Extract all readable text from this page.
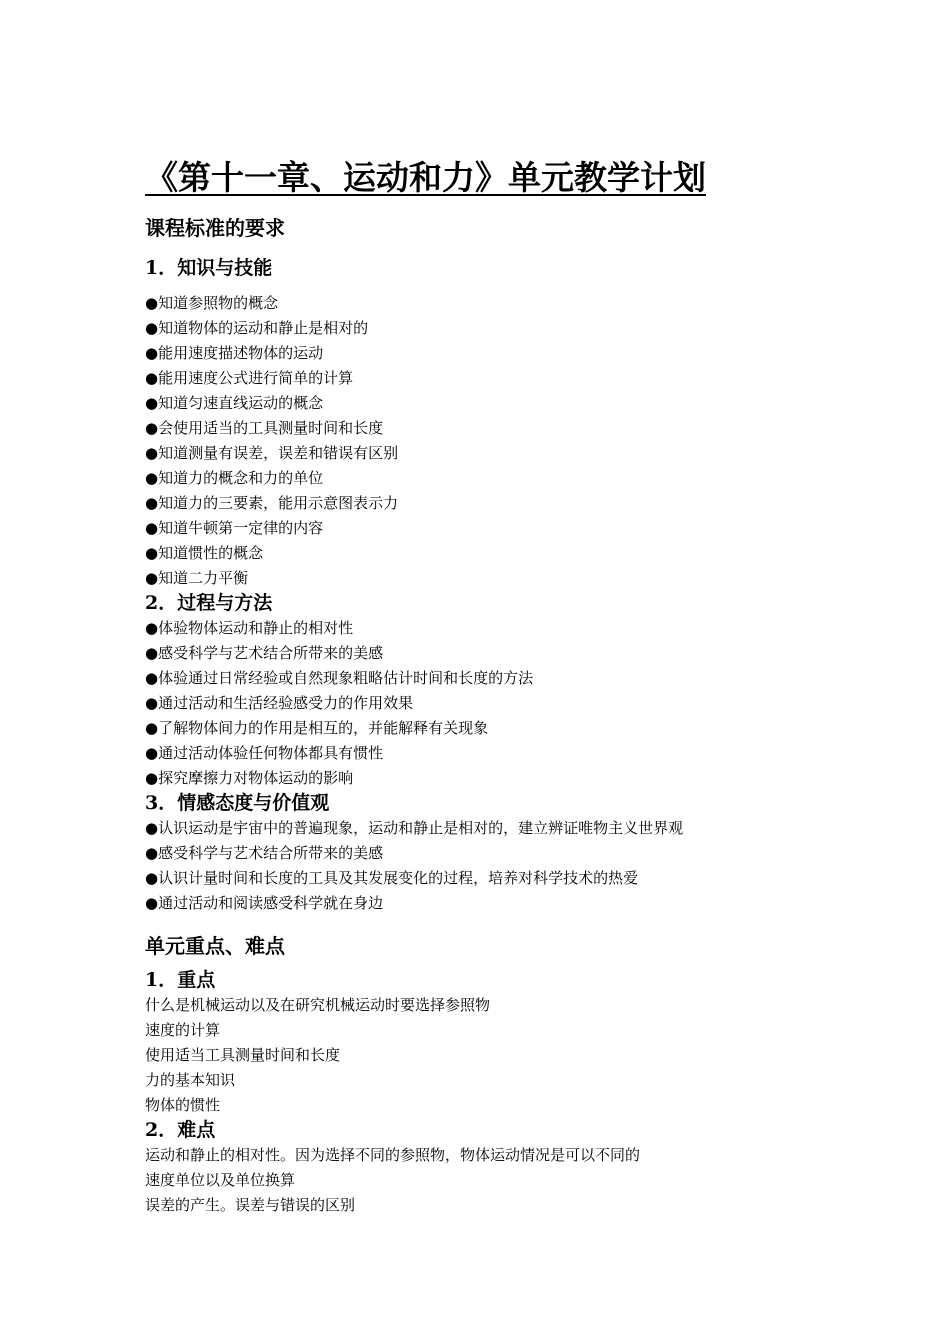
《第十一章、运动和力》单元教学计划
课程标准的要求
1．知识与技能
●知道参照物的概念
●知道物体的运动和静止是相对的
●能用速度描述物体的运动
●能用速度公式进行简单的计算
●知道匀速直线运动的概念
●会使用适当的工具测量时间和长度
●知道测量有误差，误差和错误有区别
●知道力的概念和力的单位
●知道力的三要素，能用示意图表示力
●知道牛顿第一定律的内容
●知道惯性的概念
●知道二力平衡
2．过程与方法
●体验物体运动和静止的相对性
●感受科学与艺术结合所带来的美感
●体验通过日常经验或自然现象粗略估计时间和长度的方法
●通过活动和生活经验感受力的作用效果
●了解物体间力的作用是相互的，并能解释有关现象
●通过活动体验任何物体都具有惯性
●探究摩擦力对物体运动的影响
3．情感态度与价值观
●认识运动是宇宙中的普遍现象，运动和静止是相对的，建立辨证唯物主义世界观
●感受科学与艺术结合所带来的美感
●认识计量时间和长度的工具及其发展变化的过程，培养对科学技术的热爱
●通过活动和阅读感受科学就在身边
单元重点、难点
1．重点
什么是机械运动以及在研究机械运动时要选择参照物
速度的计算
使用适当工具测量时间和长度
力的基本知识
物体的惯性
2．难点
运动和静止的相对性。因为选择不同的参照物，物体运动情况是可以不同的
速度单位以及单位换算
误差的产生。误差与错误的区别
